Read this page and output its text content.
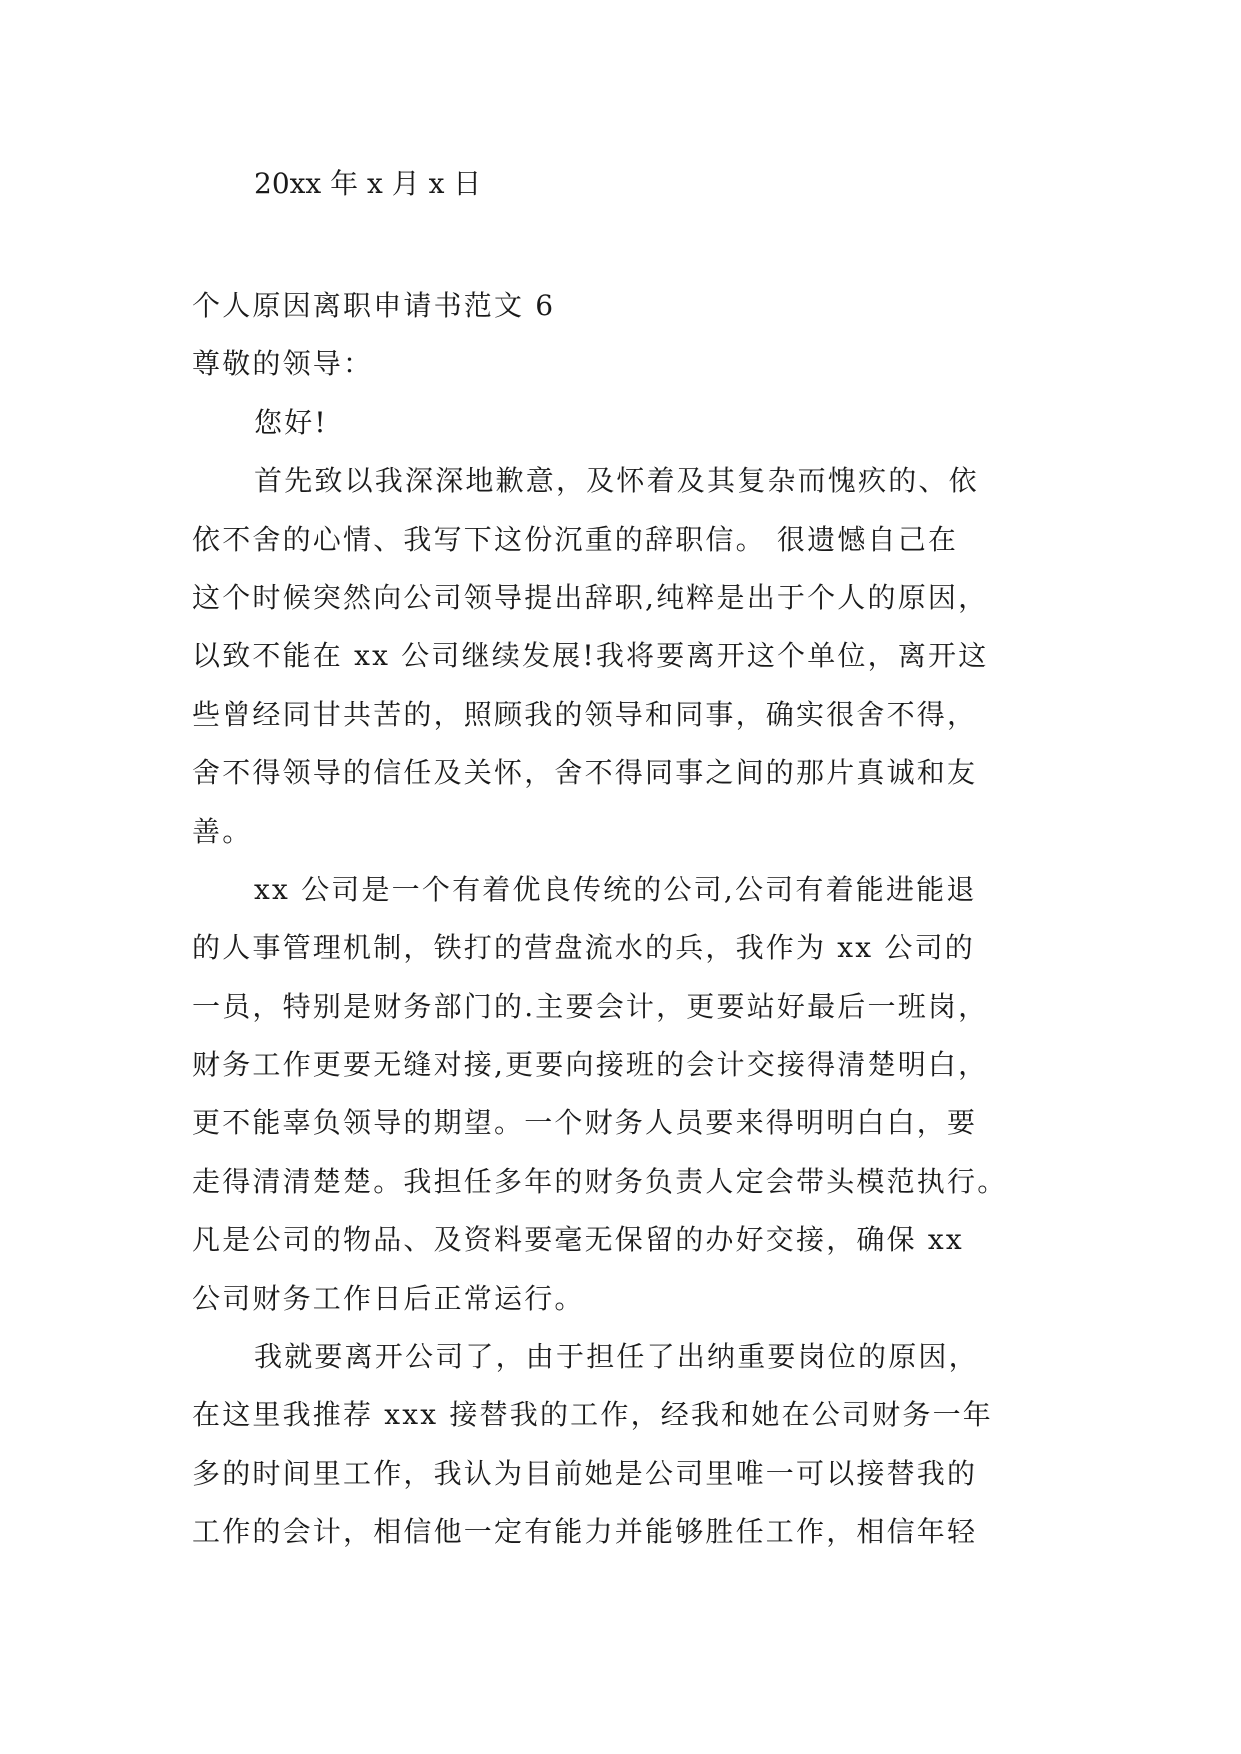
20xx 年 x 月 x 日
个人原因离职申请书范文 6
尊敬的领导：
您好!
首先致以我深深地歉意，及怀着及其复杂而愧疚的、依
依不舍的心情、我写下这份沉重的辞职信。 很遗憾自己在
这个时候突然向公司领导提出辞职,纯粹是出于个人的原因，
以致不能在 xx 公司继续发展!我将要离开这个单位，离开这
些曾经同甘共苦的，照顾我的领导和同事，确实很舍不得，
舍不得领导的信任及关怀，舍不得同事之间的那片真诚和友
善。
xx 公司是一个有着优良传统的公司,公司有着能进能退
的人事管理机制，铁打的营盘流水的兵，我作为 xx 公司的
一员，特别是财务部门的.主要会计，更要站好最后一班岗，
财务工作更要无缝对接,更要向接班的会计交接得清楚明白，
更不能辜负领导的期望。一个财务人员要来得明明白白，要
走得清清楚楚。我担任多年的财务负责人定会带头模范执行。
凡是公司的物品、及资料要毫无保留的办好交接，确保 xx
公司财务工作日后正常运行。
我就要离开公司了，由于担任了出纳重要岗位的原因，
在这里我推荐 xxx 接替我的工作，经我和她在公司财务一年
多的时间里工作，我认为目前她是公司里唯一可以接替我的
工作的会计，相信他一定有能力并能够胜任工作，相信年轻
